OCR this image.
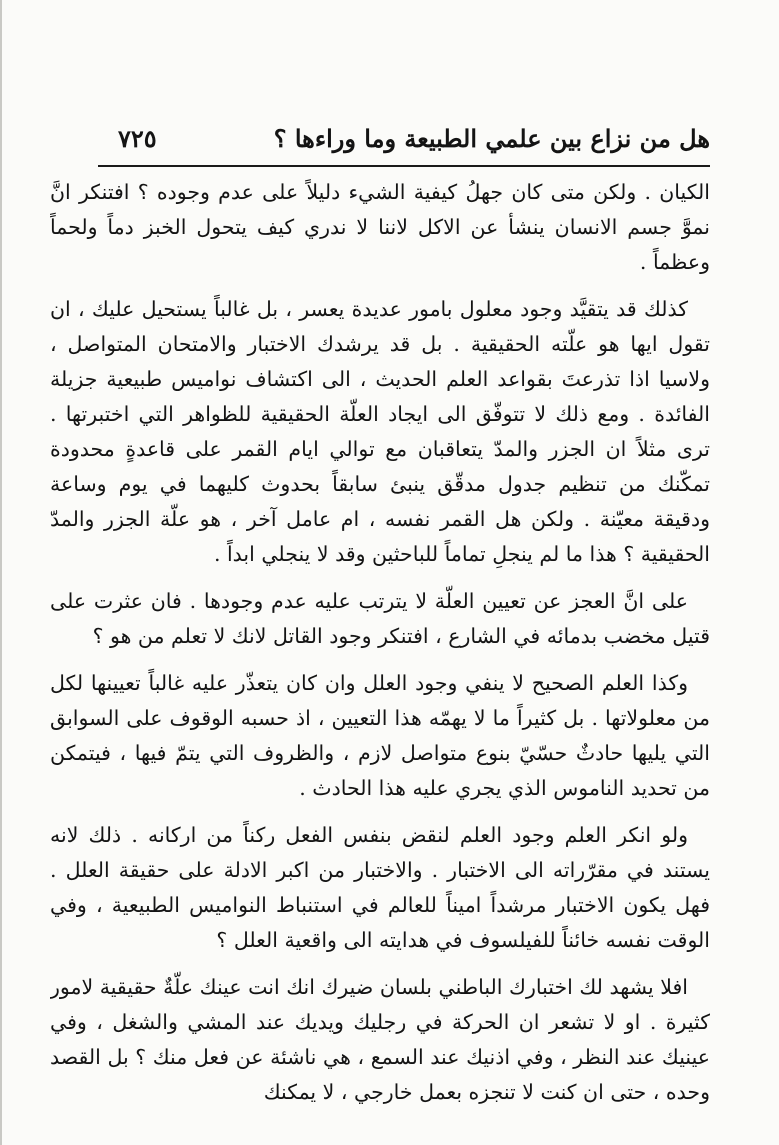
هل من نزاع بين علمي الطبيعة وما وراءها ؟
٧٢٥

الكيان . ولكن متى كان جهلُ كيفية الشيء دليلاً على عدم وجوده ؟ افتنكر انَّ نموَّ جسم الانسان ينشأ عن الاكل لاننا لا ندري كيف يتحول الخبز دماً ولحماً وعظماً .

كذلك قد يتقيَّد وجود معلول بامور عديدة يعسر ، بل غالباً يستحيل عليك ، ان تقول ايها هو علّته الحقيقية . بل قد يرشدك الاختبار والامتحان المتواصل ، ولاسيا اذا تذرعتَ بقواعد العلم الحديث ، الى اكتشاف نواميس طبيعية جزيلة الفائدة . ومع ذلك لا تتوفّق الى ايجاد العلّة الحقيقية للظواهر التي اختبرتها . ترى مثلاً ان الجزر والمدّ يتعاقبان مع توالي ايام القمر على قاعدةٍ محدودة تمكّنك من تنظيم جدول مدقّق ينبئ سابقاً بحدوث كليهما في يوم وساعة ودقيقة معيّنة . ولكن هل القمر نفسه ، ام عامل آخر ، هو علّة الجزر والمدّ الحقيقية ؟ هذا ما لم ينجلِ تماماً للباحثين وقد لا ينجلي ابداً .

على انَّ العجز عن تعيين العلّة لا يترتب عليه عدم وجودها . فان عثرت على قتيل مخضب بدمائه في الشارع ، افتنكر وجود القاتل لانك لا تعلم من هو ؟

وكذا العلم الصحيح لا ينفي وجود العلل وان كان يتعذّر عليه غالباً تعيينها لكل من معلولاتها . بل كثيراً ما لا يهمّه هذا التعيين ، اذ حسبه الوقوف على السوابق التي يليها حادثٌ حسّيّ بنوع متواصل لازم ، والظروف التي يتمّ فيها ، فيتمكن من تحديد الناموس الذي يجري عليه هذا الحادث .

ولو انكر العلم وجود العلم لنقض بنفس الفعل ركناً من اركانه . ذلك لانه يستند في مقرّراته الى الاختبار . والاختبار من اكبر الادلة على حقيقة العلل . فهل يكون الاختبار مرشداً اميناً للعالم في استنباط النواميس الطبيعية ، وفي الوقت نفسه خائناً للفيلسوف في هدايته الى واقعية العلل ؟

افلا يشهد لك اختبارك الباطني بلسان ضيرك انك انت عينك علّةٌ حقيقية لامور كثيرة . او لا تشعر ان الحركة في رجليك ويديك عند المشي والشغل ، وفي عينيك عند النظر ، وفي اذنيك عند السمع ، هي ناشئة عن فعل منك ؟ بل القصد وحده ، حتى ان كنت لا تنجزه بعمل خارجي ، لا يمكنك
